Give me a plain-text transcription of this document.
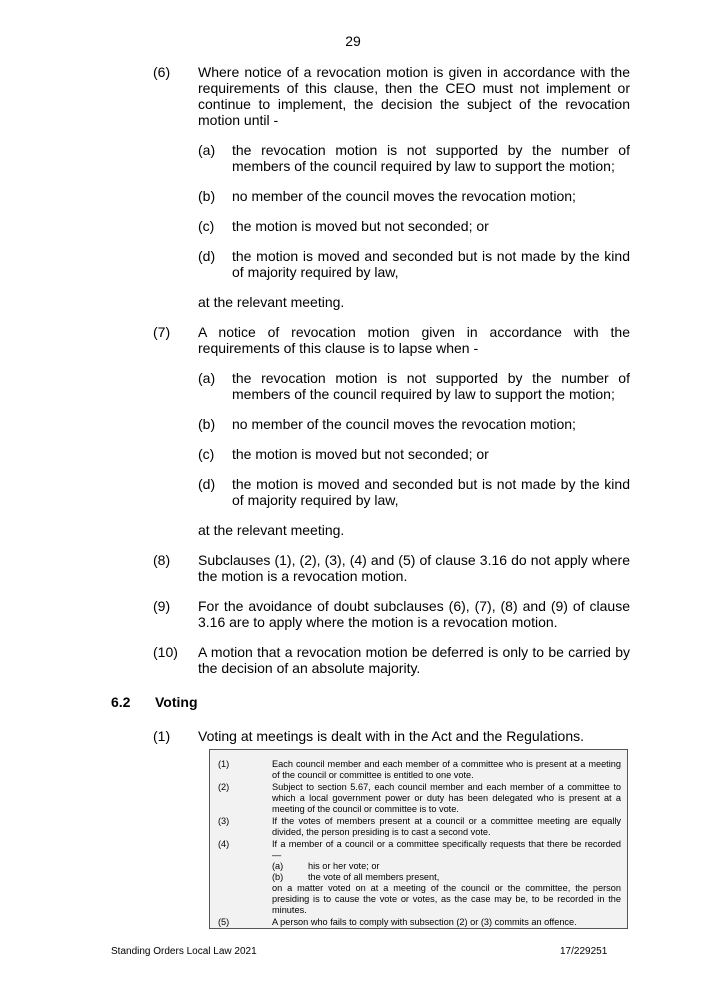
29
(6) Where notice of a revocation motion is given in accordance with the requirements of this clause, then the CEO must not implement or continue to implement, the decision the subject of the revocation motion until -
(a) the revocation motion is not supported by the number of members of the council required by law to support the motion;
(b) no member of the council moves the revocation motion;
(c) the motion is moved but not seconded; or
(d) the motion is moved and seconded but is not made by the kind of majority required by law,
at the relevant meeting.
(7) A notice of revocation motion given in accordance with the requirements of this clause is to lapse when -
(a) the revocation motion is not supported by the number of members of the council required by law to support the motion;
(b) no member of the council moves the revocation motion;
(c) the motion is moved but not seconded; or
(d) the motion is moved and seconded but is not made by the kind of majority required by law,
at the relevant meeting.
(8) Subclauses (1), (2), (3), (4) and (5) of clause 3.16 do not apply where the motion is a revocation motion.
(9) For the avoidance of doubt subclauses (6), (7), (8) and (9) of clause 3.16 are to apply where the motion is a revocation motion.
(10) A motion that a revocation motion be deferred is only to be carried by the decision of an absolute majority.
6.2 Voting
(1) Voting at meetings is dealt with in the Act and the Regulations.
(1)	Each council member and each member of a committee who is present at a meeting of the council or committee is entitled to one vote.
(2)	Subject to section 5.67, each council member and each member of a committee to which a local government power or duty has been delegated who is present at a meeting of the council or committee is to vote.
(3)	If the votes of members present at a council or a committee meeting are equally divided, the person presiding is to cast a second vote.
(4)	If a member of a council or a committee specifically requests that there be recorded —
(a)	his or her vote; or
(b)	the vote of all members present,
on a matter voted on at a meeting of the council or the committee, the person presiding is to cause the vote or votes, as the case may be, to be recorded in the minutes.
(5)	A person who fails to comply with subsection (2) or (3) commits an offence.
Standing Orders Local Law 2021	17/229251
